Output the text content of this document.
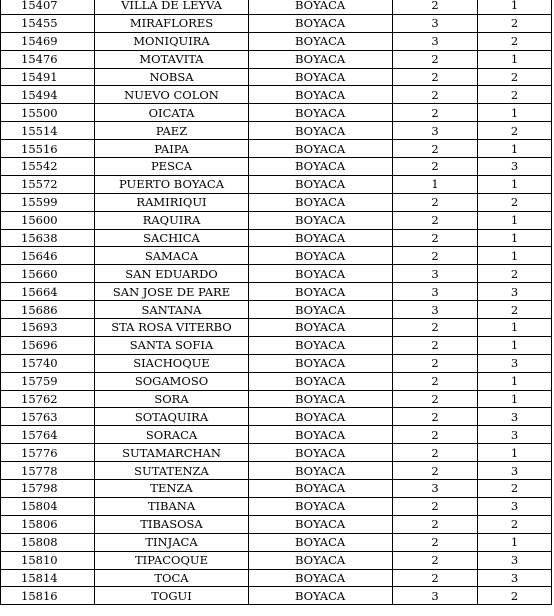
15407	VILLA DE LEYVA	BOYACA	2	1
15455	MIRAFLORES	BOYACA	3	2
15469	MONIQUIRA	BOYACA	3	2
15476	MOTAVITA	BOYACA	2	1
15491	NOBSA	BOYACA	2	2
15494	NUEVO COLON	BOYACA	2	2
15500	OICATA	BOYACA	2	1
15514	PAEZ	BOYACA	3	2
15516	PAIPA	BOYACA	2	1
15542	PESCA	BOYACA	2	3
15572	PUERTO BOYACA	BOYACA	1	1
15599	RAMIRIQUI	BOYACA	2	2
15600	RAQUIRA	BOYACA	2	1
15638	SACHICA	BOYACA	2	1
15646	SAMACA	BOYACA	2	1
15660	SAN EDUARDO	BOYACA	3	2
15664	SAN JOSE DE PARE	BOYACA	3	3
15686	SANTANA	BOYACA	3	2
15693	STA ROSA VITERBO	BOYACA	2	1
15696	SANTA SOFIA	BOYACA	2	1
15740	SIACHOQUE	BOYACA	2	3
15759	SOGAMOSO	BOYACA	2	1
15762	SORA	BOYACA	2	1
15763	SOTAQUIRA	BOYACA	2	3
15764	SORACA	BOYACA	2	3
15776	SUTAMARCHAN	BOYACA	2	1
15778	SUTATENZA	BOYACA	2	3
15798	TENZA	BOYACA	3	2
15804	TIBANA	BOYACA	2	3
15806	TIBASOSA	BOYACA	2	2
15808	TINJACA	BOYACA	2	1
15810	TIPACOQUE	BOYACA	2	3
15814	TOCA	BOYACA	2	3
15816	TOGUI	BOYACA	3	2
